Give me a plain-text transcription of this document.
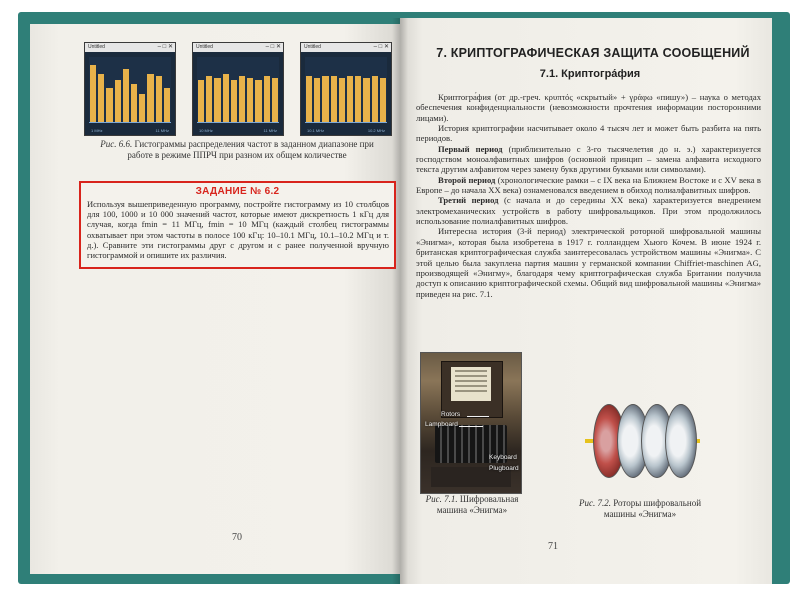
Untitled	– □ ✕
1 MHz	11 MHz
Untitled	– □ ✕
10 MHz	11 MHz
Untitled	– □ ✕
10.1 MHz	10.2 MHz
Рис. 6.6. Гистограммы распределения частот в заданном диапазоне при работе в режиме ППРЧ при разном их общем количестве
ЗАДАНИЕ № 6.2
Используя вышеприведенную программу, постройте гистограмму из 10 столбцов для 100, 1000 и 10 000 значений частот, которые имеют дискретность 1 кГц для случая, когда fmin = 11 МГц, fmin = 10 МГц (каждый столбец гистограммы охватывает при этом частоты в полосе 100 кГц: 10–10.1 МГц, 10.1–10.2 МГц и т. д.). Сравните эти гистограммы друг с другом и с ранее полученной вручную гистограммой и опишите их различия.
70
7. КРИПТОГРАФИЧЕСКАЯ ЗАЩИТА СООБЩЕНИЙ
7.1. Криптогра́фия

Криптогра́фия (от др.-греч. κρυπτός «скрытый» + γράφω «пишу») – наука о методах обеспечения конфиденциальности (невозможности прочтения информации посторонними лицами).

История криптографии насчитывает около 4 тысяч лет и может быть разбита на пять периодов.

Первый период (приблизительно с 3-го тысячелетия до н. э.) характеризуется господством моноалфавитных шифров (основной принцип – замена алфавита исходного текста другим алфавитом через замену букв другими буквами или символами).

Второй период (хронологические рамки – с IX века на Ближнем Востоке и с XV века в Европе – до начала XX века) ознаменовался введением в обиход полиалфавитных шифров.

Третий период (с начала и до середины XX века) характеризуется внедрением электромеханических устройств в работу шифровальщиков. При этом продолжилось использование полиалфавитных шифров.

Интересна история (3-й период) электрической роторной шифровальной машины «Энигма», которая была изобретена в 1917 г. голландцем Хьюго Кочем. В июне 1924 г. британская криптографическая служба заинтересовалась устройством машины «Энигма». С этой целью была закуплена партия машин у германской компании Chiffriet-maschinen AG, производящей «Энигму», благодаря чему криптографическая служба Британии получила доступ к описанию криптографической схемы. Общий вид шифровальной машины «Энигма» приведен на рис. 7.1.

Rotors
Lampboard
Keyboard
Plugboard
Рис. 7.1. Шифровальная машина «Энигма»
Рис. 7.2. Роторы шифровальной машины «Энигма»
71
